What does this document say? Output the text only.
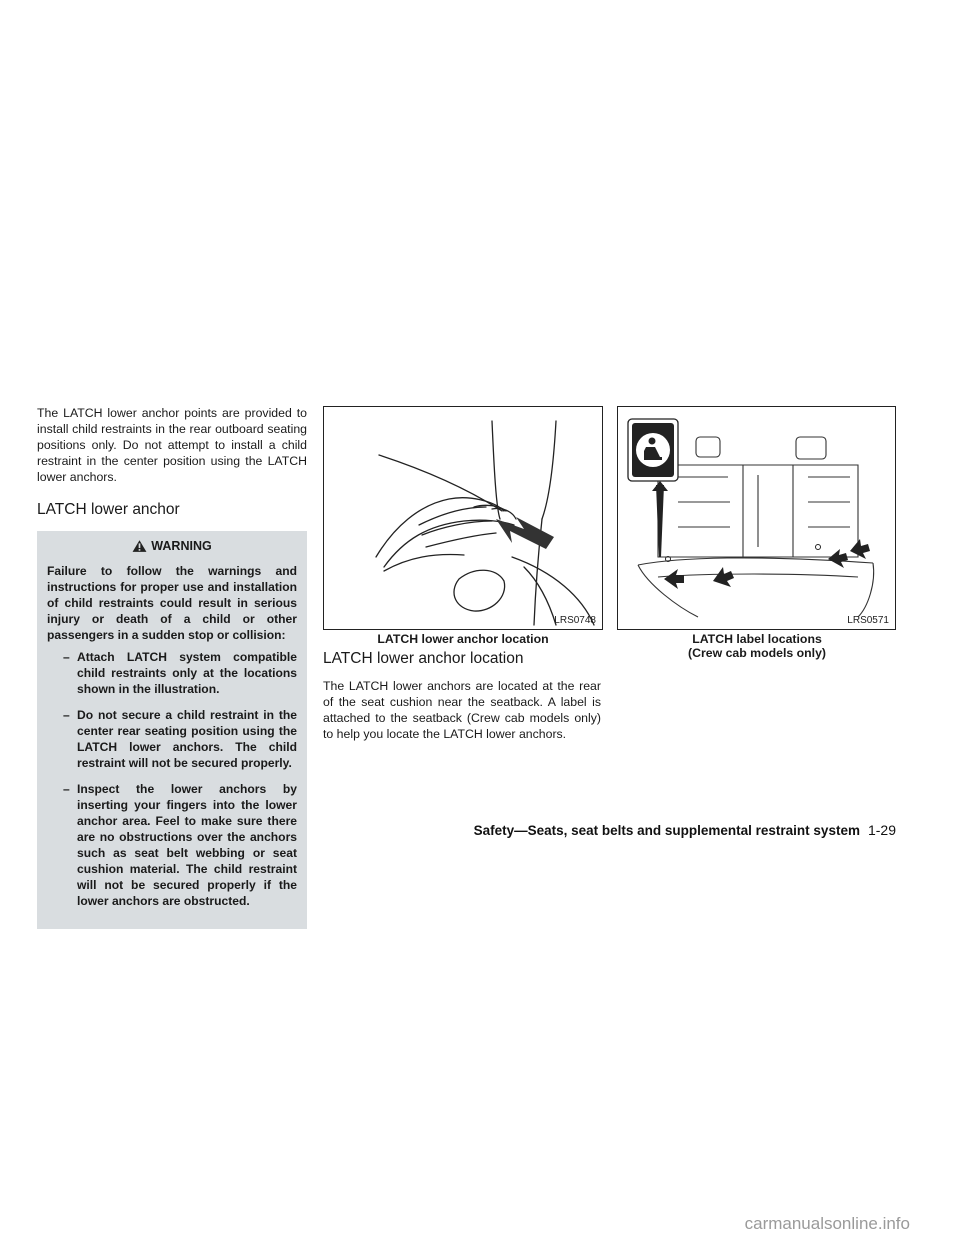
The LATCH lower anchor points are provided to install child restraints in the rear outboard seating positions only. Do not attempt to install a child restraint in the center position using the LATCH lower anchors.

LATCH lower anchor
WARNING

Failure to follow the warnings and instructions for proper use and installation of child restraints could result in serious injury or death of a child or other passengers in a sudden stop or collision:

– Attach LATCH system compatible child restraints only at the locations shown in the illustration.
– Do not secure a child restraint in the center rear seating position using the LATCH lower anchors. The child restraint will not be secured properly.
– Inspect the lower anchors by inserting your fingers into the lower anchor area. Feel to make sure there are no obstructions over the anchors such as seat belt webbing or seat cushion material. The child restraint will not be secured properly if the lower anchors are obstructed.
LRS0748
LATCH lower anchor location
LRS0571
LATCH label locations
(Crew cab models only)
LATCH lower anchor location

The LATCH lower anchors are located at the rear of the seat cushion near the seatback. A label is attached to the seatback (Crew cab models only) to help you locate the LATCH lower anchors.

Safety—Seats, seat belts and supplemental restraint system 1-29
carmanualsonline.info
